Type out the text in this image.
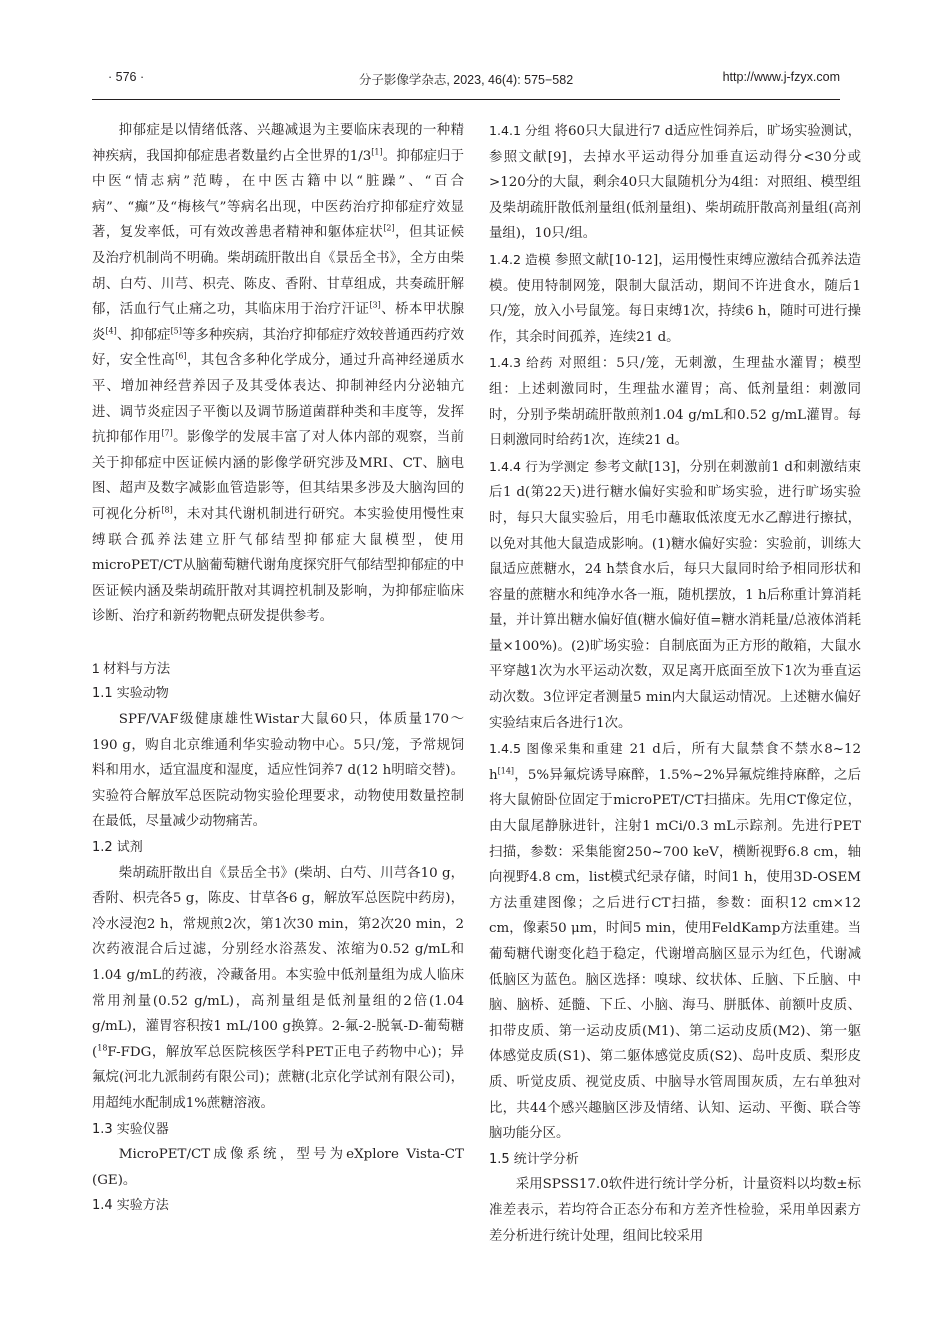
· 576 ·	分子影像学杂志, 2023, 46(4): 575−582	http://www.j-fzyx.com

抑郁症是以情绪低落、兴趣减退为主要临床表现的一种精神疾病，我国抑郁症患者数量约占全世界的1/3[1]。抑郁症归于中医“情志病”范畴，在中医古籍中以“脏躁”、“百合病”、“癫”及“梅核气”等病名出现，中医药治疗抑郁症疗效显著，复发率低，可有效改善患者精神和躯体症状[2]，但其证候及治疗机制尚不明确。柴胡疏肝散出自《景岳全书》，全方由柴胡、白芍、川芎、枳壳、陈皮、香附、甘草组成，共奏疏肝解郁，活血行气止痛之功，其临床用于治疗汗证[3]、桥本甲状腺炎[4]、抑郁症[5]等多种疾病，其治疗抑郁症疗效较普通西药疗效好，安全性高[6]，其包含多种化学成分，通过升高神经递质水平、增加神经营养因子及其受体表达、抑制神经内分泌轴亢进、调节炎症因子平衡以及调节肠道菌群种类和丰度等，发挥抗抑郁作用[7]。影像学的发展丰富了对人体内部的观察，当前关于抑郁症中医证候内涵的影像学研究涉及MRI、CT、脑电图、超声及数字减影血管造影等，但其结果多涉及大脑沟回的可视化分析[8]，未对其代谢机制进行研究。本实验使用慢性束缚联合孤养法建立肝气郁结型抑郁症大鼠模型，使用microPET/CT从脑葡萄糖代谢角度探究肝气郁结型抑郁症的中医证候内涵及柴胡疏肝散对其调控机制及影响，为抑郁症临床诊断、治疗和新药物靶点研发提供参考。

1 材料与方法
1.1 实验动物

SPF/VAF级健康雄性Wistar大鼠60只，体质量170～190 g，购自北京维通利华实验动物中心。5只/笼，予常规饲料和用水，适宜温度和湿度，适应性饲养7 d(12 h明暗交替)。实验符合解放军总医院动物实验伦理要求，动物使用数量控制在最低，尽量减少动物痛苦。

1.2 试剂

柴胡疏肝散出自《景岳全书》(柴胡、白芍、川芎各10 g，香附、枳壳各5 g，陈皮、甘草各6 g，解放军总医院中药房)，冷水浸泡2 h，常规煎2次，第1次30 min，第2次20 min，2次药液混合后过滤，分别经水浴蒸发、浓缩为0.52 g/mL和1.04 g/mL的药液，冷藏备用。本实验中低剂量组为成人临床常用剂量(0.52 g/mL)，高剂量组是低剂量组的2倍(1.04 g/mL)，灌胃容积按1 mL/100 g换算。2-氟-2-脱氧-D-葡萄糖($^{18}$F-FDG，解放军总医院核医学科PET正电子药物中心)；异氟烷(河北九派制药有限公司)；蔗糖(北京化学试剂有限公司)，用超纯水配制成1%蔗糖溶液。

1.3 实验仪器

MicroPET/CT成像系统，型号为eXplore Vista-CT (GE)。

1.4 实验方法

1.4.1 分组 将60只大鼠进行7 d适应性饲养后，旷场实验测试，参照文献[9]，去掉水平运动得分加垂直运动得分<30分或>120分的大鼠，剩余40只大鼠随机分为4组：对照组、模型组及柴胡疏肝散低剂量组(低剂量组)、柴胡疏肝散高剂量组(高剂量组)，10只/组。

1.4.2 造模 参照文献[10-12]，运用慢性束缚应激结合孤养法造模。使用特制网笼，限制大鼠活动，期间不许进食水，随后1只/笼，放入小号鼠笼。每日束缚1次，持续6 h，随时可进行操作，其余时间孤养，连续21 d。

1.4.3 给药 对照组：5只/笼，无刺激，生理盐水灌胃；模型组：上述刺激同时，生理盐水灌胃；高、低剂量组：刺激同时，分别予柴胡疏肝散煎剂1.04 g/mL和0.52 g/mL灌胃。每日刺激同时给药1次，连续21 d。

1.4.4 行为学测定 参考文献[13]，分别在刺激前1 d和刺激结束后1 d(第22天)进行糖水偏好实验和旷场实验，进行旷场实验时，每只大鼠实验后，用毛巾蘸取低浓度无水乙醇进行擦拭，以免对其他大鼠造成影响。(1)糖水偏好实验：实验前，训练大鼠适应蔗糖水，24 h禁食水后，每只大鼠同时给予相同形状和容量的蔗糖水和纯净水各一瓶，随机摆放，1 h后称重计算消耗量，并计算出糖水偏好值(糖水偏好值=糖水消耗量/总液体消耗量×100%)。(2)旷场实验：自制底面为正方形的敞箱，大鼠水平穿越1次为水平运动次数，双足离开底面至放下1次为垂直运动次数。3位评定者测量5 min内大鼠运动情况。上述糖水偏好实验结束后各进行1次。

1.4.5 图像采集和重建 21 d后，所有大鼠禁食不禁水8~12 h[14]，5%异氟烷诱导麻醉，1.5%~2%异氟烷维持麻醉，之后将大鼠俯卧位固定于microPET/CT扫描床。先用CT像定位，由大鼠尾静脉进针，注射1 mCi/0.3 mL示踪剂。先进行PET扫描，参数：采集能窗250~700 keV，横断视野6.8 cm，轴向视野4.8 cm，list模式纪录存储，时间1 h，使用3D-OSEM方法重建图像；之后进行CT扫描，参数：面积12 cm×12 cm，像素50 μm，时间5 min，使用FeldKamp方法重建。当葡萄糖代谢变化趋于稳定，代谢增高脑区显示为红色，代谢减低脑区为蓝色。脑区选择：嗅球、纹状体、丘脑、下丘脑、中脑、脑桥、延髓、下丘、小脑、海马、胼胝体、前额叶皮质、扣带皮质、第一运动皮质(M1)、第二运动皮质(M2)、第一躯体感觉皮质(S1)、第二躯体感觉皮质(S2)、岛叶皮质、梨形皮质、听觉皮质、视觉皮质、中脑导水管周围灰质，左右单独对比，共44个感兴趣脑区涉及情绪、认知、运动、平衡、联合等脑功能分区。

1.5 统计学分析

采用SPSS17.0软件进行统计学分析，计量资料以均数±标准差表示，若均符合正态分布和方差齐性检验，采用单因素方差分析进行统计处理，组间比较采用
